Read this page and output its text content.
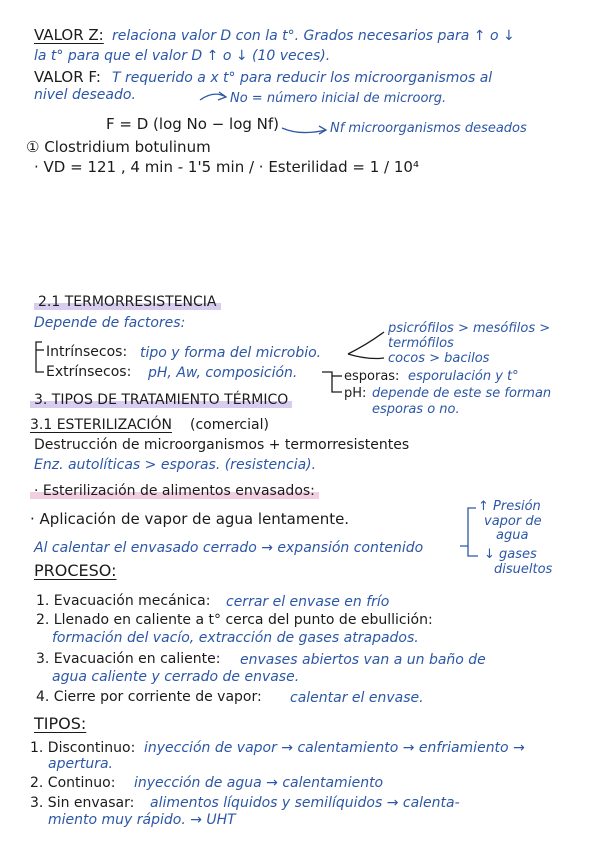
VALOR Z: relaciona valor D con la t°. Grados necesarios para ↑ o ↓
la t° para que el valor D ↑ o ↓ (10 veces).
VALOR F: T requerido a x t° para reducir los microorganismos al
nivel deseado.	No = número inicial de microorg.
F = D (log No − log Nf)	Nf microorganismos deseados
① Clostridium botulinum
· VD = 121 , 4 min - 1'5 min / · Esterilidad = 1 / 10⁴
2.1 TERMORRESISTENCIA
Depende de factores:
Intrínsecos: tipo y forma del microbio.
Extrínsecos: pH, Aw, composición.
psicrófilos > mesófilos >
termófilos
cocos > bacilos
esporas: esporulación y t°
pH: depende de este se forman
esporas o no.
3. TIPOS DE TRATAMIENTO TÉRMICO
3.1 ESTERILIZACIÓN (comercial)
Destrucción de microorganismos + termorresistentes
Enz. autolíticas > esporas. (resistencia).
· Esterilización de alimentos envasados:
· Aplicación de vapor de agua lentamente.
Al calentar el envasado cerrado → expansión contenido
↑ Presión
vapor de
agua
↓ gases
disueltos
PROCESO:
1. Evacuación mecánica: cerrar el envase en frío
2. Llenado en caliente a t° cerca del punto de ebullición:
formación del vacío, extracción de gases atrapados.
3. Evacuación en caliente: envases abiertos van a un baño de
agua caliente y cerrado de envase.
4. Cierre por corriente de vapor: calentar el envase.
TIPOS:
1. Discontinuo: inyección de vapor → calentamiento → enfriamiento →
apertura.
2. Continuo: inyección de agua → calentamiento
3. Sin envasar: alimentos líquidos y semilíquidos → calenta-
miento muy rápido. → UHT
